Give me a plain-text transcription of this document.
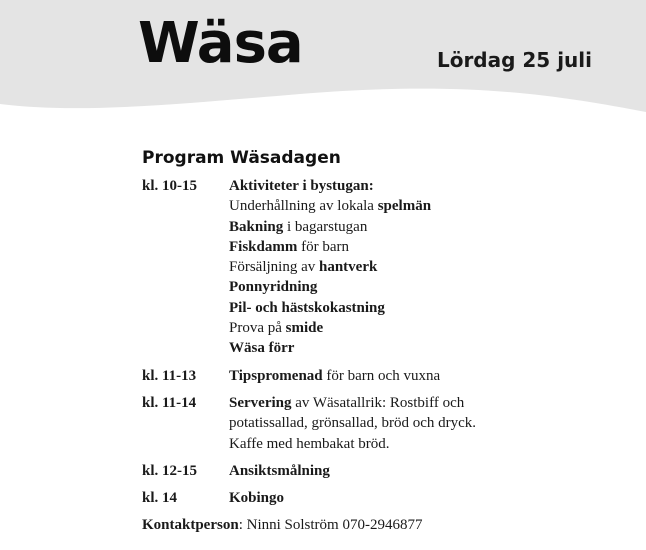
Wäsa	Lördag 25 juli
Program Wäsadagen
kl. 10-15	Aktiviteter i bystugan:
Underhållning av lokala spelmän
Bakning i bagarstugan
Fiskdamm för barn
Försäljning av hantverk
Ponnyridning
Pil- och hästskokastning
Prova på smide
Wäsa förr
kl. 11-13	Tipspromenad för barn och vuxna
kl. 11-14	Servering av Wäsatallrik: Rostbiff och
potatissallad, grönsallad, bröd och dryck.
Kaffe med hembakat bröd.
kl. 12-15	Ansiktsmålning
kl. 14	Kobingo
Kontaktperson: Ninni Solström 070-2946877
